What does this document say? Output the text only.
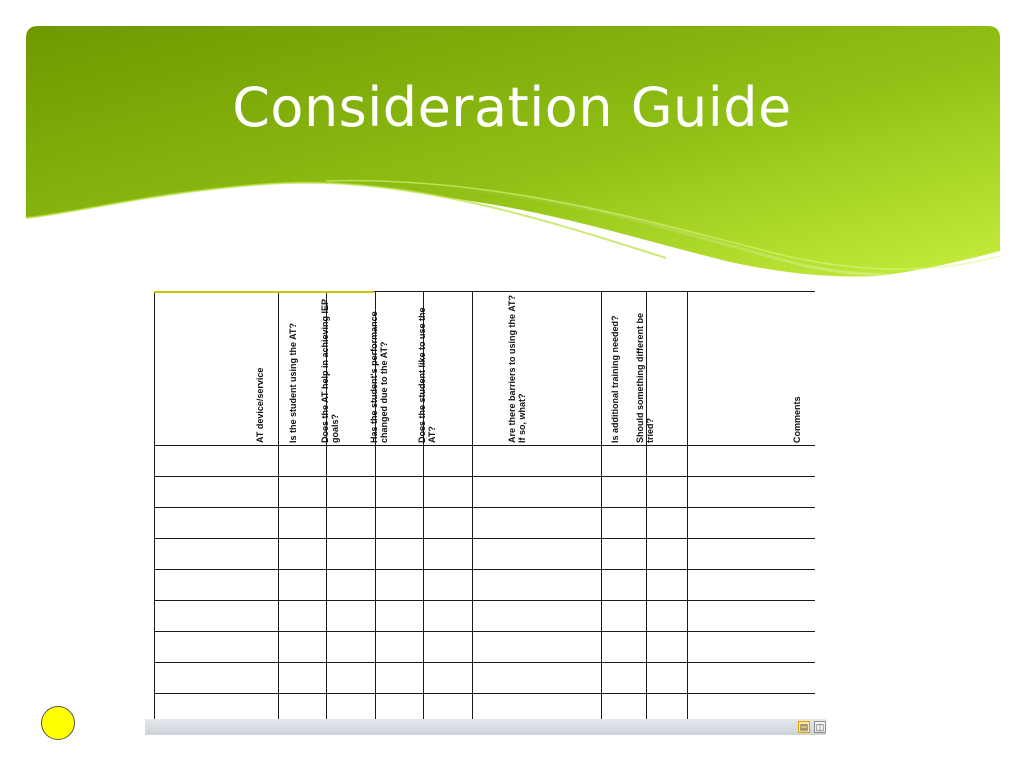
Consideration Guide
AT device/service	Is the student using the AT?	Does the AT help in achieving IEP goals?	Has the student's performance changed due to the AT?	Does the student like to use the AT?	Are there barriers to using the AT? If so, what?	Is additional training needed?	Should something different be tried?	Comments

▤ ◫
